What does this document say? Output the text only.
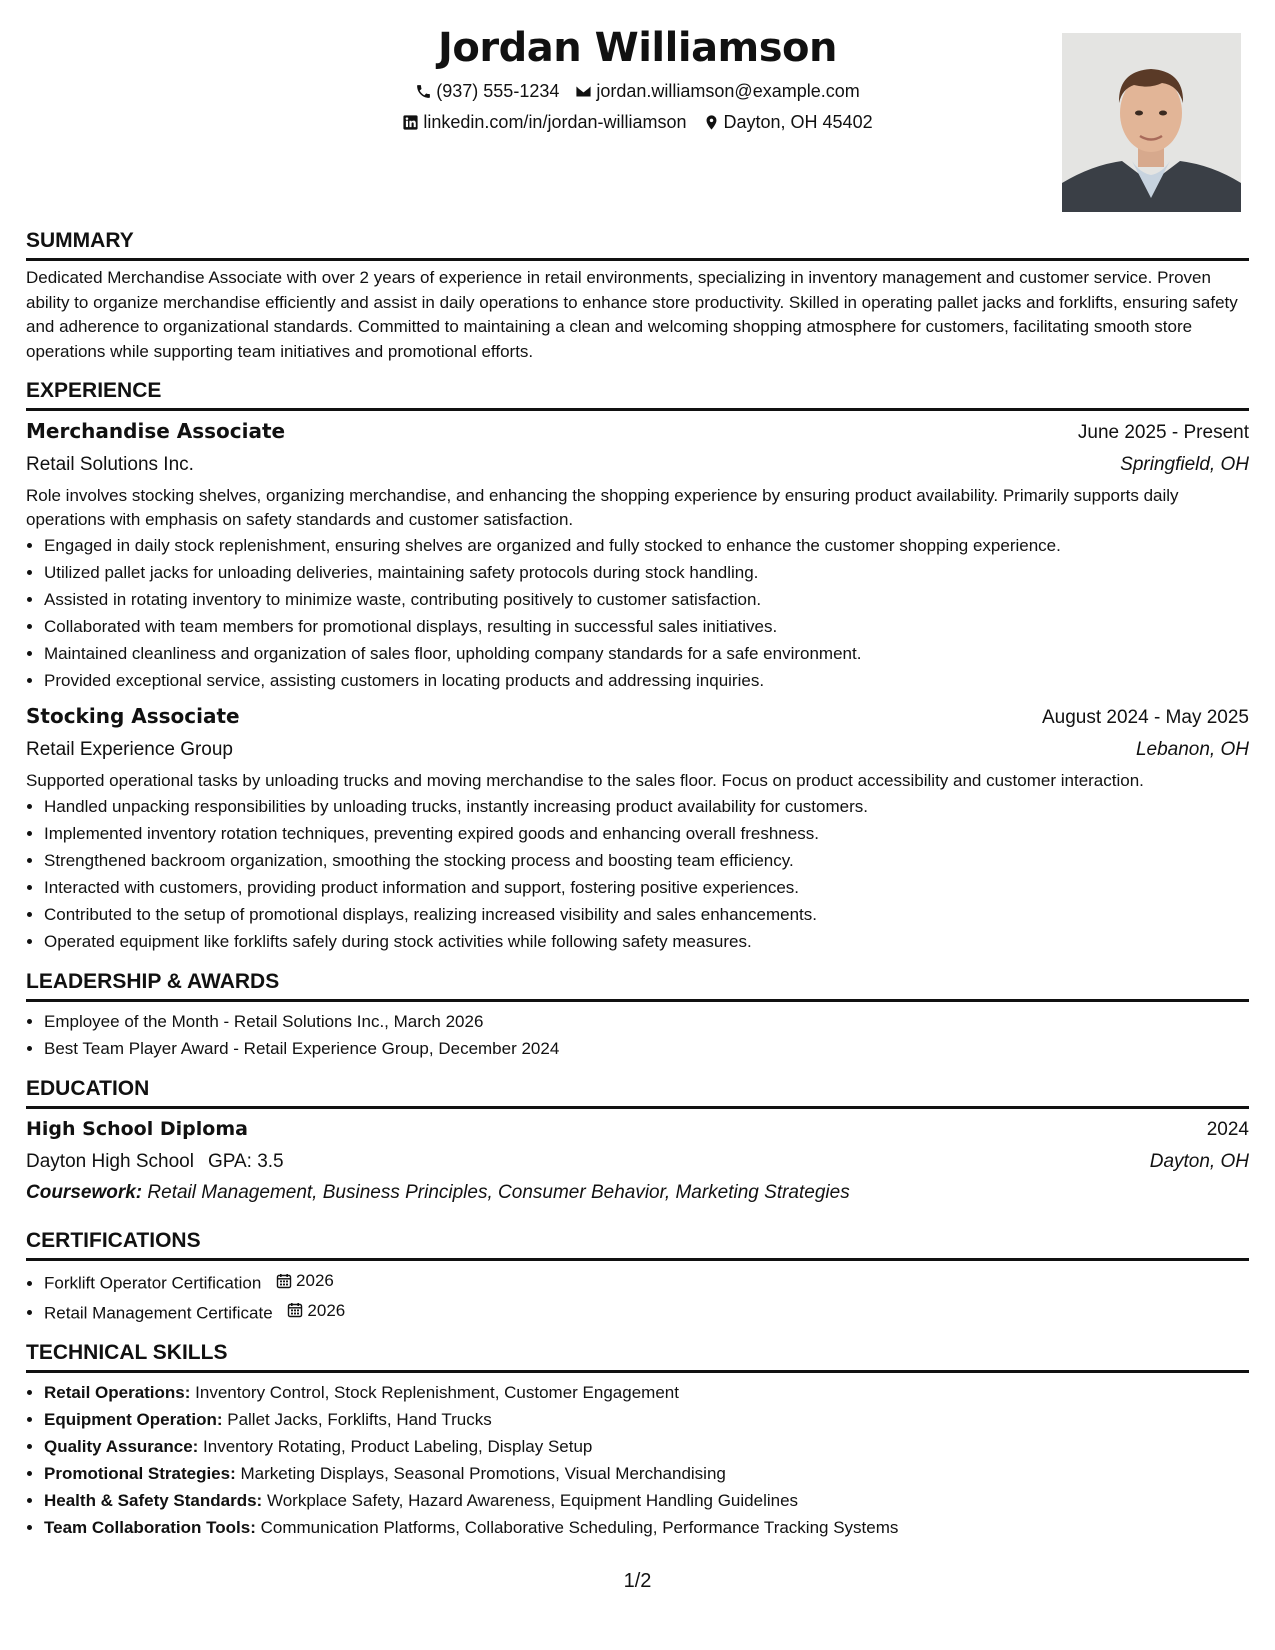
Jordan Williamson
(937) 555-1234 jordan.williamson@example.com
linkedin.com/in/jordan-williamson Dayton, OH 45402
SUMMARY

Dedicated Merchandise Associate with over 2 years of experience in retail environments, specializing in inventory management and customer service. Proven ability to organize merchandise efficiently and assist in daily operations to enhance store productivity. Skilled in operating pallet jacks and forklifts, ensuring safety and adherence to organizational standards. Committed to maintaining a clean and welcoming shopping atmosphere for customers, facilitating smooth store operations while supporting team initiatives and promotional efforts.

EXPERIENCE
Merchandise Associate	June 2025 - Present
Retail Solutions Inc.	Springfield, OH

Role involves stocking shelves, organizing merchandise, and enhancing the shopping experience by ensuring product availability. Primarily supports daily operations with emphasis on safety standards and customer satisfaction.

• Engaged in daily stock replenishment, ensuring shelves are organized and fully stocked to enhance the customer shopping experience.
• Utilized pallet jacks for unloading deliveries, maintaining safety protocols during stock handling.
• Assisted in rotating inventory to minimize waste, contributing positively to customer satisfaction.
• Collaborated with team members for promotional displays, resulting in successful sales initiatives.
• Maintained cleanliness and organization of sales floor, upholding company standards for a safe environment.
• Provided exceptional service, assisting customers in locating products and addressing inquiries.
Stocking Associate	August 2024 - May 2025
Retail Experience Group	Lebanon, OH

Supported operational tasks by unloading trucks and moving merchandise to the sales floor. Focus on product accessibility and customer interaction.

• Handled unpacking responsibilities by unloading trucks, instantly increasing product availability for customers.
• Implemented inventory rotation techniques, preventing expired goods and enhancing overall freshness.
• Strengthened backroom organization, smoothing the stocking process and boosting team efficiency.
• Interacted with customers, providing product information and support, fostering positive experiences.
• Contributed to the setup of promotional displays, realizing increased visibility and sales enhancements.
• Operated equipment like forklifts safely during stock activities while following safety measures.
LEADERSHIP & AWARDS
• Employee of the Month - Retail Solutions Inc., March 2026
• Best Team Player Award - Retail Experience Group, December 2024
EDUCATION
High School Diploma	2024
Dayton High School GPA: 3.5	Dayton, OH
Coursework: Retail Management, Business Principles, Consumer Behavior, Marketing Strategies
CERTIFICATIONS
• Forklift Operator Certification 2026
• Retail Management Certificate 2026
TECHNICAL SKILLS
• Retail Operations: Inventory Control, Stock Replenishment, Customer Engagement
• Equipment Operation: Pallet Jacks, Forklifts, Hand Trucks
• Quality Assurance: Inventory Rotating, Product Labeling, Display Setup
• Promotional Strategies: Marketing Displays, Seasonal Promotions, Visual Merchandising
• Health & Safety Standards: Workplace Safety, Hazard Awareness, Equipment Handling Guidelines
• Team Collaboration Tools: Communication Platforms, Collaborative Scheduling, Performance Tracking Systems
1/2
